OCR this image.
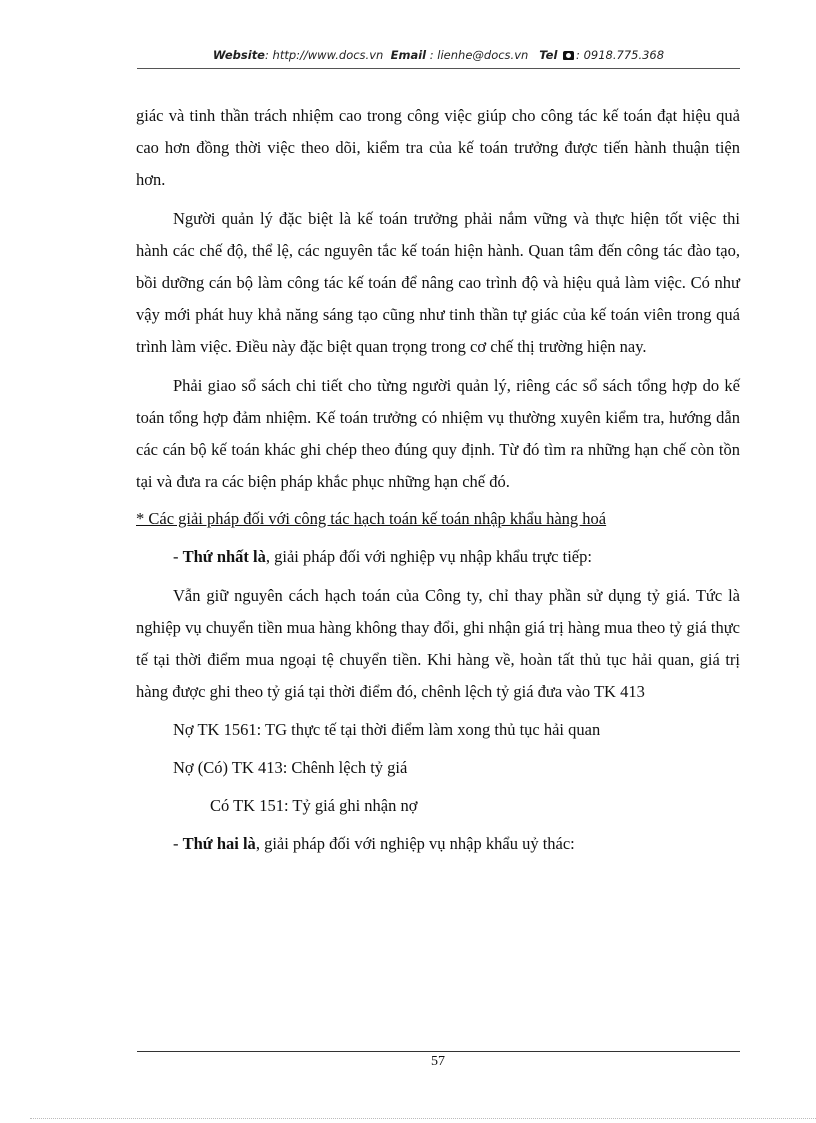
Website: http://www.docs.vn Email : lienhe@docs.vn Tel : 0918.775.368

giác và tinh thần trách nhiệm cao trong công việc giúp cho công tác kế toán đạt hiệu quả cao hơn đồng thời việc theo dõi, kiểm tra của kế toán trưởng được tiến hành thuận tiện hơn.

Người quản lý đặc biệt là kế toán trưởng phải nắm vững và thực hiện tốt việc thi hành các chế độ, thể lệ, các nguyên tắc kế toán hiện hành. Quan tâm đến công tác đào tạo, bồi dưỡng cán bộ làm công tác kế toán để nâng cao trình độ và hiệu quả làm việc. Có như vậy mới phát huy khả năng sáng tạo cũng như tinh thần tự giác của kế toán viên trong quá trình làm việc. Điều này đặc biệt quan trọng trong cơ chế thị trường hiện nay.

Phải giao sổ sách chi tiết cho từng người quản lý, riêng các sổ sách tổng hợp do kế toán tổng hợp đảm nhiệm. Kế toán trưởng có nhiệm vụ thường xuyên kiểm tra, hướng dẫn các cán bộ kế toán khác ghi chép theo đúng quy định. Từ đó tìm ra những hạn chế còn tồn tại và đưa ra các biện pháp khắc phục những hạn chế đó.

* Các giải pháp đối với công tác hạch toán kế toán nhập khẩu hàng hoá

- Thứ nhất là, giải pháp đối với nghiệp vụ nhập khẩu trực tiếp:

Vẫn giữ nguyên cách hạch toán của Công ty, chỉ thay phần sử dụng tỷ giá. Tức là nghiệp vụ chuyển tiền mua hàng không thay đổi, ghi nhận giá trị hàng mua theo tỷ giá thực tế tại thời điểm mua ngoại tệ chuyển tiền. Khi hàng về, hoàn tất thủ tục hải quan, giá trị hàng được ghi theo tỷ giá tại thời điểm đó, chênh lệch tỷ giá đưa vào TK 413

Nợ TK 1561: TG thực tế tại thời điểm làm xong thủ tục hải quan

Nợ (Có) TK 413: Chênh lệch tỷ giá

Có TK 151: Tỷ giá ghi nhận nợ

- Thứ hai là, giải pháp đối với nghiệp vụ nhập khẩu uỷ thác:

57
